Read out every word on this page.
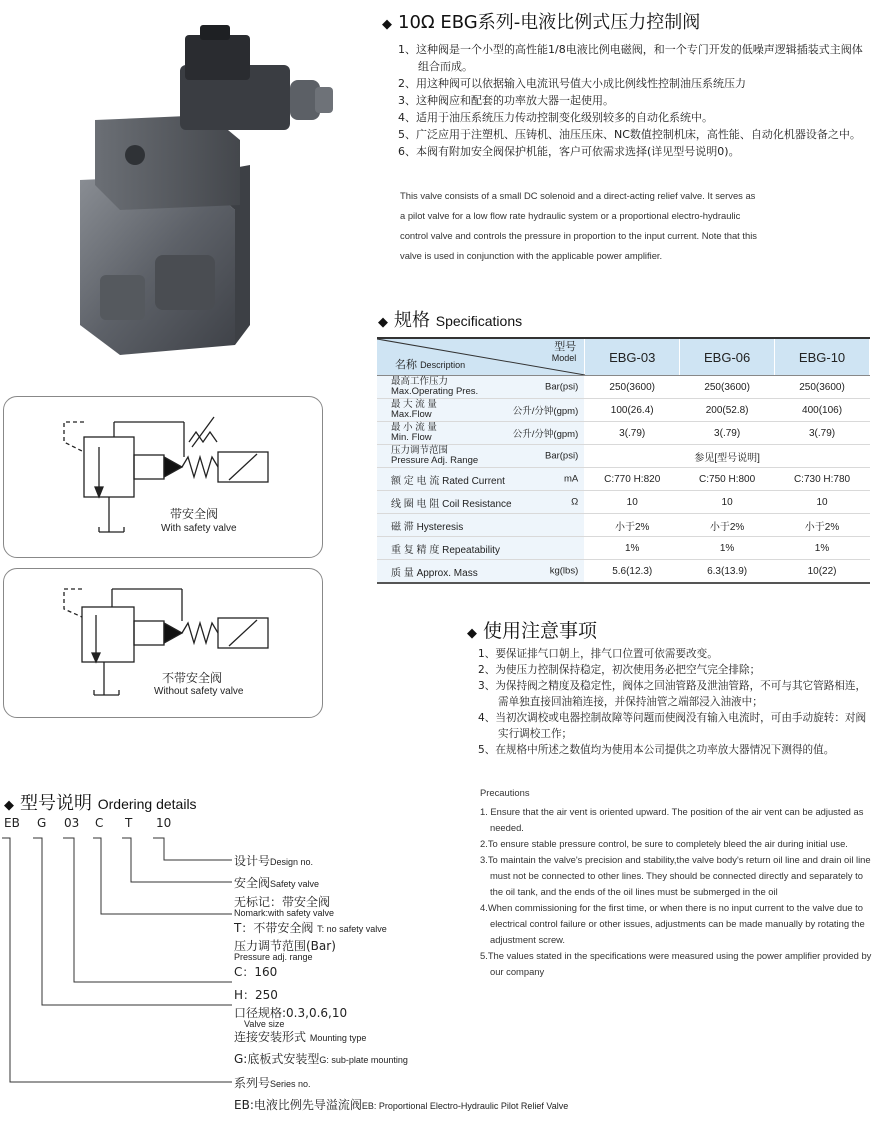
◆ 10Ω EBG系列-电液比例式压力控制阀
1、这种阀是一个小型的高性能1/8电液比例电磁阀，和一个专门开发的低噪声逻辑插装式主阀体组合而成。
2、用这种阀可以依据输入电流讯号值大小成比例线性控制油压系统压力
3、这种阀应和配套的功率放大器一起使用。
4、适用于油压系统压力传动控制变化级别较多的自动化系统中。
5、广泛应用于注塑机、压铸机、油压压床、NC数值控制机床，高性能、自动化机器设备之中。
6、本阀有附加安全阀保护机能，客户可依需求选择(详见型号说明0)。
This valve consists of a small DC solenoid and a direct-acting relief valve. It serves as a pilot valve for a low flow rate hydraulic system or a proportional electro-hydraulic control valve and controls the pressure in proportion to the input current. Note that this valve is used in conjunction with the applicable power amplifier.
◆ 规格 Specifications
型号
Model
名称 Description	EBG-03	EBG-06	EBG-10

最高工作压力
Max.Operating Pres. Bar(psi)	250(3600)	250(3600)	250(3600)

最 大 流 量
Max.Flow 公升/分钟(gpm)	100(26.4)	200(52.8)	400(106)

最 小 流 量
Min. Flow 公升/分钟(gpm)	3(.79)	3(.79)	3(.79)

压力调节范围
Pressure Adj. Range Bar(psi)		参见[型号说明]	
额 定 电 流 Rated Current mA	C:770 H:820	C:750 H:800	C:730 H:780
线 圈 电 阻 Coil Resistance Ω	10	10	10
磁 滞 Hysteresis	小于2%	小于2%	小于2%
重 复 精 度 Repeatability	1%	1%	1%
质 量 Approx. Mass kg(lbs)	5.6(12.3)	6.3(13.9)	10(22)
带安全阀
With safety valve
不带安全阀
Without safety valve
◆ 使用注意事项
1、要保证排气口朝上，排气口位置可依需要改变。
2、为使压力控制保持稳定，初次使用务必把空气完全排除；
3、为保持阀之精度及稳定性，阀体之回油管路及泄油管路，不可与其它管路相连，需单独直接回油箱连接，并保持油管之端部浸入油液中；
4、当初次调校或电器控制故障等问题而使阀没有输入电流时，可由手动旋转：对阀实行调校工作；
5、在规格中所述之数值均为使用本公司提供之功率放大器情况下测得的值。
Precautions
1. Ensure that the air vent is oriented upward. The position of the air vent can be adjusted as needed.
2.To ensure stable pressure control, be sure to completely bleed the air during initial use.
3.To maintain the valve's precision and stability,the valve body's return oil line and drain oil line must not be connected to other lines. They should be connected directly and separately to the oil tank, and the ends of the oil lines must be submerged in the oil
4.When commissioning for the first time, or when there is no input current to the valve due to electrical control failure or other issues, adjustments can be made manually by rotating the adjustment screw.
5.The values stated in the specifications were measured using the power amplifier provided by our company
◆ 型号说明 Ordering details
EB G 03 C T 10
设计号Design no.
安全阀Safety valve
无标记：带安全阀
Nomark:with safety valve
T：不带安全阀 T: no safety valve
压力调节范围(Bar)
Pressure adj. range
C：160
H：250
口径规格:0.3,0.6,10
Valve size
连接安装形式 Mounting type
G:底板式安装型G: sub-plate mounting
系列号Series no.
EB:电液比例先导溢流阀EB: Proportional Electro-Hydraulic Pilot Relief Valve
